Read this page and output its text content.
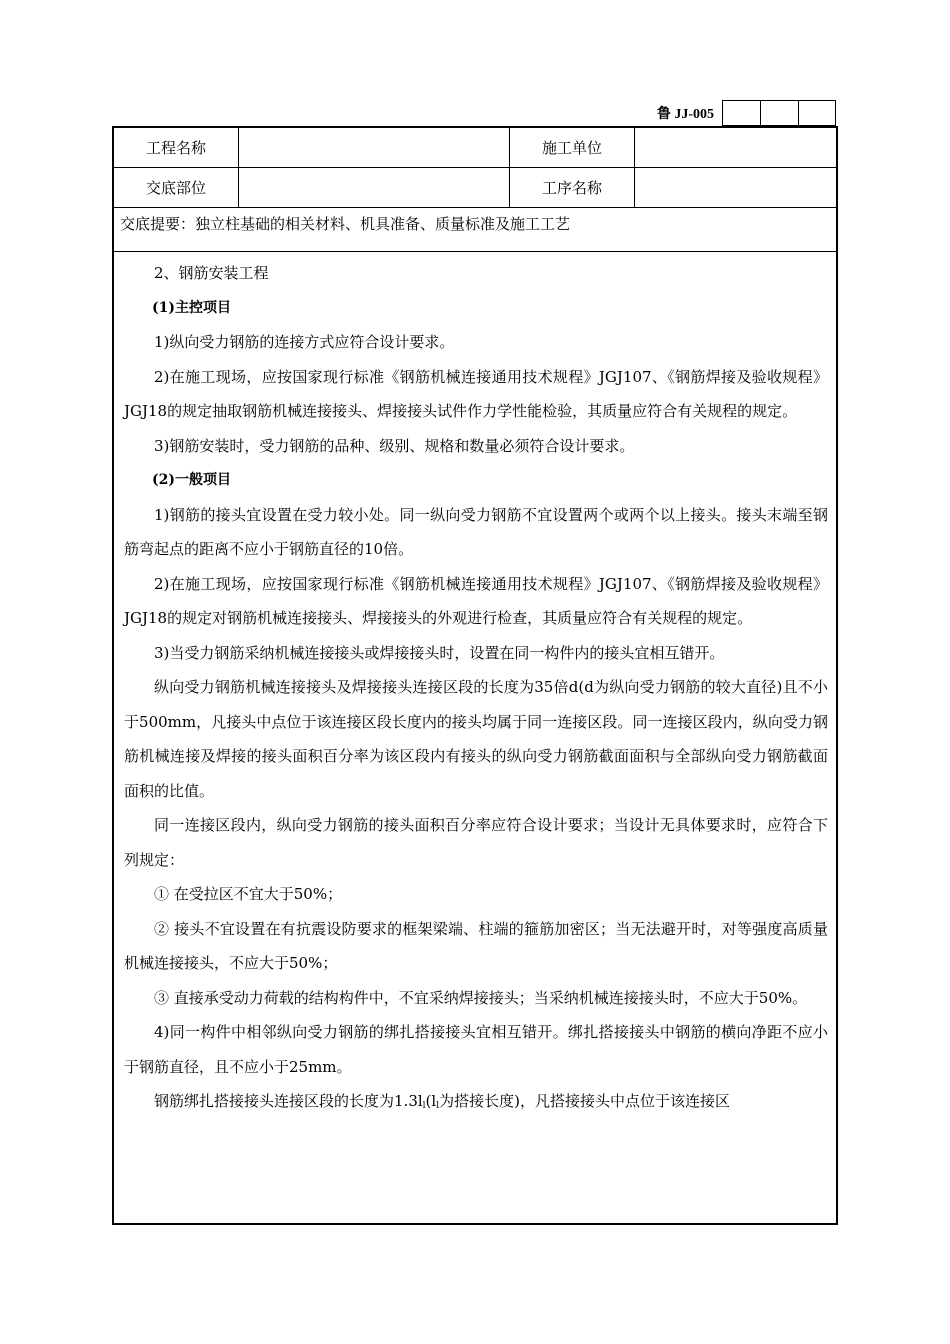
鲁 JJ-005
工程名称	施工单位
交底部位	工序名称
交底提要：独立柱基础的相关材料、机具准备、质量标准及施工工艺

2、钢筋安装工程

(1)主控项目

1)纵向受力钢筋的连接方式应符合设计要求。

2)在施工现场，应按国家现行标准《钢筋机械连接通用技术规程》JGJ107、《钢筋焊接及验收规程》JGJ18的规定抽取钢筋机械连接接头、焊接接头试件作力学性能检验，其质量应符合有关规程的规定。

3)钢筋安装时，受力钢筋的品种、级别、规格和数量必须符合设计要求。

(2)一般项目

1)钢筋的接头宜设置在受力较小处。同一纵向受力钢筋不宜设置两个或两个以上接头。接头末端至钢筋弯起点的距离不应小于钢筋直径的10倍。

2)在施工现场，应按国家现行标准《钢筋机械连接通用技术规程》JGJ107、《钢筋焊接及验收规程》JGJ18的规定对钢筋机械连接接头、焊接接头的外观进行检查，其质量应符合有关规程的规定。

3)当受力钢筋采纳机械连接接头或焊接接头时，设置在同一构件内的接头宜相互错开。

纵向受力钢筋机械连接接头及焊接接头连接区段的长度为35倍d(d为纵向受力钢筋的较大直径)且不小于500mm，凡接头中点位于该连接区段长度内的接头均属于同一连接区段。同一连接区段内，纵向受力钢筋机械连接及焊接的接头面积百分率为该区段内有接头的纵向受力钢筋截面面积与全部纵向受力钢筋截面面积的比值。

同一连接区段内，纵向受力钢筋的接头面积百分率应符合设计要求；当设计无具体要求时，应符合下列规定：

① 在受拉区不宜大于50%；

② 接头不宜设置在有抗震设防要求的框架梁端、柱端的箍筋加密区；当无法避开时，对等强度高质量机械连接接头，不应大于50%；

③ 直接承受动力荷载的结构构件中，不宜采纳焊接接头；当采纳机械连接接头时，不应大于50%。

4)同一构件中相邻纵向受力钢筋的绑扎搭接接头宜相互错开。绑扎搭接接头中钢筋的横向净距不应小于钢筋直径，且不应小于25mm。

钢筋绑扎搭接接头连接区段的长度为$1.3l_l(l_l$为搭接长度)，凡搭接接头中点位于该连接区
